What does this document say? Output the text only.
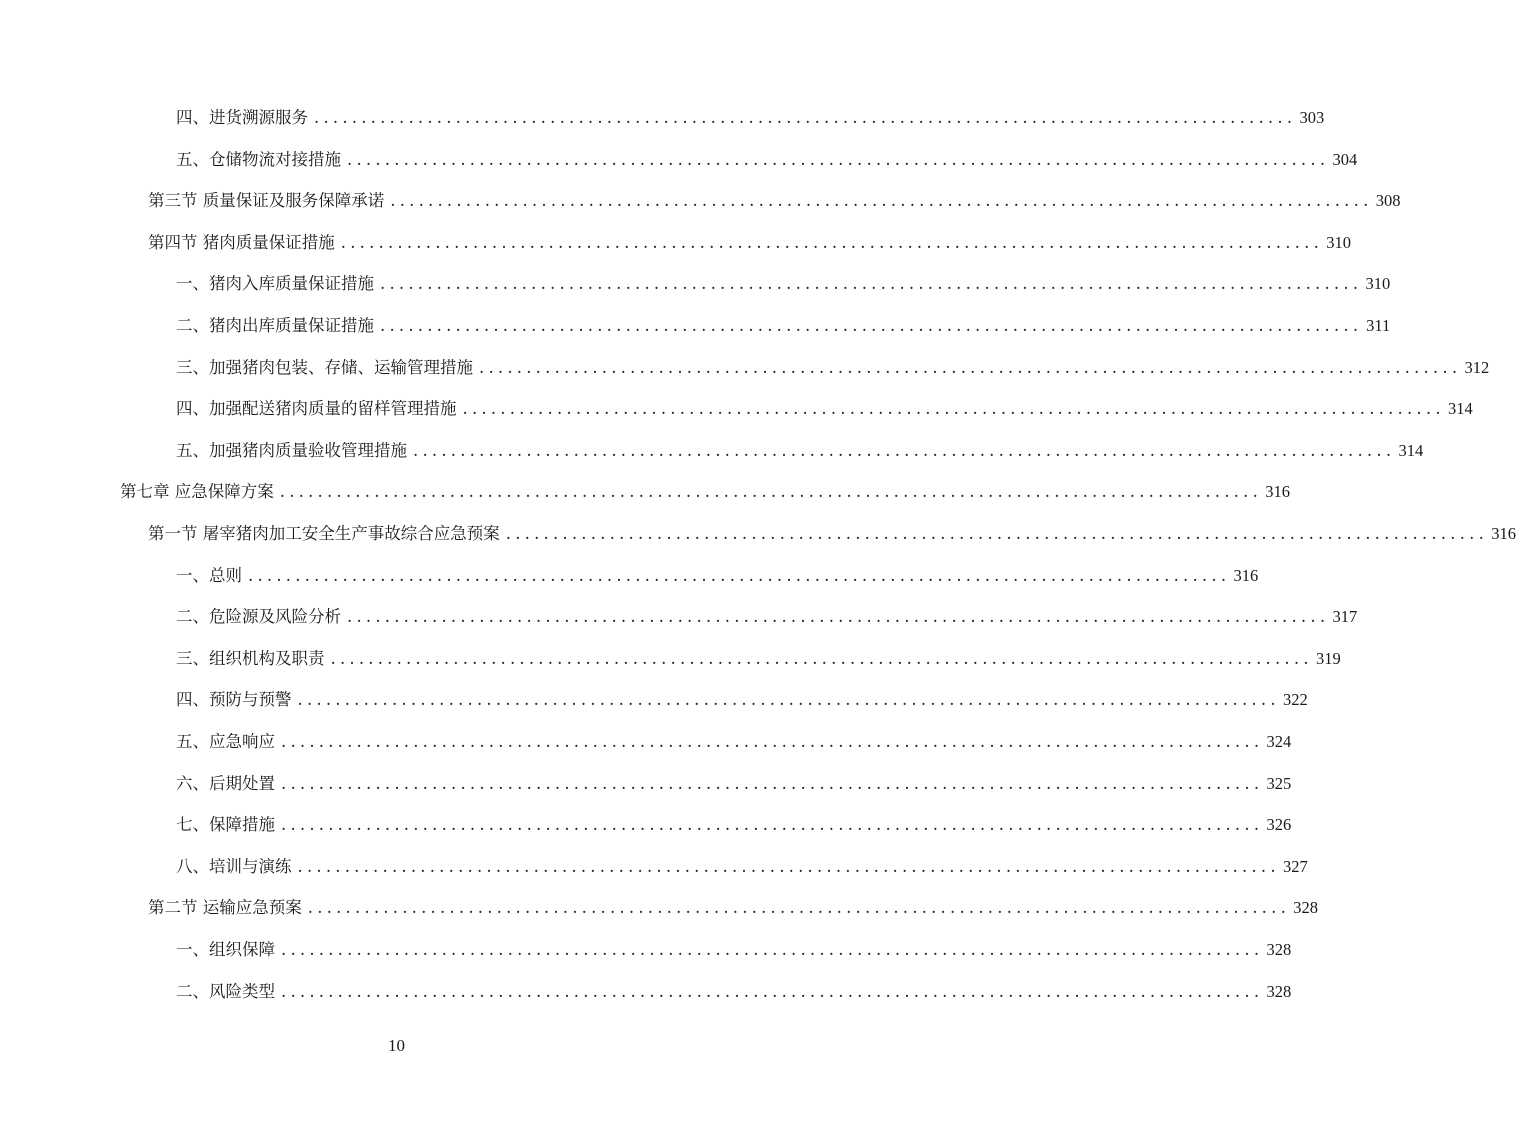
四、进货溯源服务 ........................................................................................................ 303
五、仓储物流对接措施 ........................................................................................................ 304
第三节 质量保证及服务保障承诺 ........................................................................................................ 308
第四节 猪肉质量保证措施 ........................................................................................................ 310
一、猪肉入库质量保证措施 ........................................................................................................ 310
二、猪肉出库质量保证措施 ........................................................................................................ 311
三、加强猪肉包装、存储、运输管理措施 ........................................................................................................ 312
四、加强配送猪肉质量的留样管理措施 ........................................................................................................ 314
五、加强猪肉质量验收管理措施 ........................................................................................................ 314
第七章 应急保障方案 ........................................................................................................ 316
第一节 屠宰猪肉加工安全生产事故综合应急预案 ........................................................................................................ 316
一、总则 ........................................................................................................ 316
二、危险源及风险分析 ........................................................................................................ 317
三、组织机构及职责 ........................................................................................................ 319
四、预防与预警 ........................................................................................................ 322
五、应急响应 ........................................................................................................ 324
六、后期处置 ........................................................................................................ 325
七、保障措施 ........................................................................................................ 326
八、培训与演练 ........................................................................................................ 327
第二节 运输应急预案 ........................................................................................................ 328
一、组织保障 ........................................................................................................ 328
二、风险类型 ........................................................................................................ 328
10
